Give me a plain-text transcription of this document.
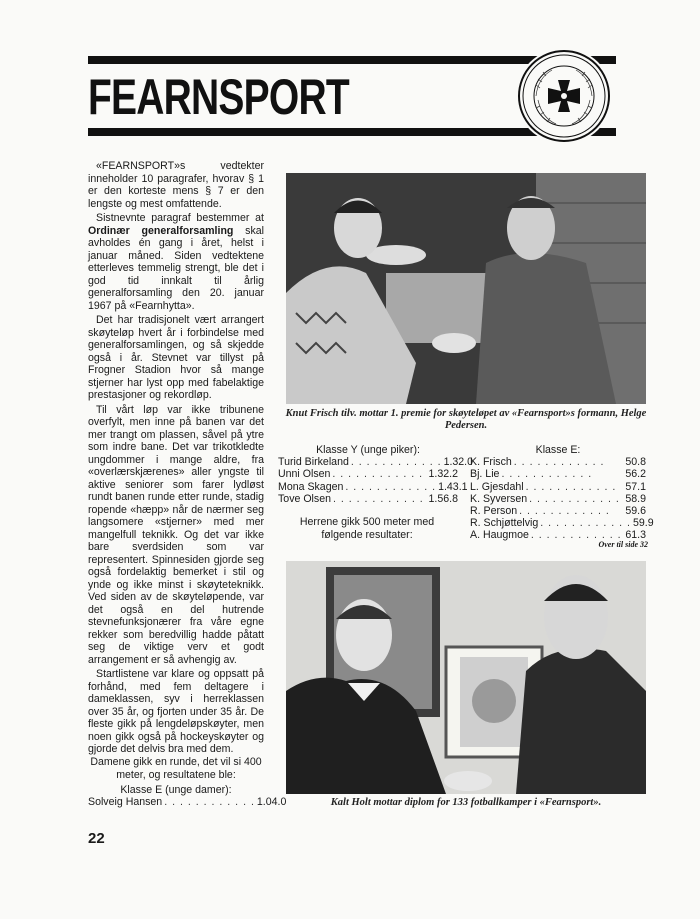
FEARNSPORT

«FEARNSPORT»s vedtekter inneholder 10 paragrafer, hvorav § 1 er den korteste mens § 7 er den lengste og mest omfattende.

Sistnevnte paragraf bestemmer at Ordinær generalforsamling skal avholdes én gang i året, helst i januar måned. Siden vedtektene etterleves temmelig strengt, ble det i god tid innkalt til årlig generalforsamling den 20. januar 1967 på «Fearnhytta».

Det har tradisjonelt vært arrangert skøyteløp hvert år i forbindelse med generalforsamlingen, og så skjedde også i år. Stevnet var tillyst på Frogner Stadion hvor så mange stjerner har lyst opp med fabelaktige prestasjoner og rekordløp.

Til vårt løp var ikke tribunene overfylt, men inne på banen var det mer trangt om plassen, såvel på ytre som indre bane. Det var trikotkledte ungdommer i mange aldre, fra «overlærskjærenes» aller yngste til aktive seniorer som farer lydløst rundt banen runde etter runde, stadig ropende «hæpp» når de nærmer seg langsomere «stjerner» med mer mangelfull teknikk. Og det var ikke bare sverdsiden som var representert. Spinnesiden gjorde seg også fordelaktig bemerket i stil og ynde og ikke minst i skøyteteknikk. Ved siden av de skøyteløpende, var det også en del hutrende stevnefunksjonærer fra våre egne rekker som beredvillig hadde påtatt seg de viktige verv et godt arrangement er så avhengig av.

Startlistene var klare og oppsatt på forhånd, med fem deltagere i dameklassen, syv i herreklassen over 35 år, og fjorten under 35 år. De fleste gikk på lengdeløpskøyter, men noen gikk også på hockeyskøyter og gjorde det delvis bra med dem.

Knut Frisch tilv. mottar 1. premie for skøyteløpet av «Fearnsport»s formann, Helge Pedersen.
Klasse Y (unge piker):
Turid Birkeland . . . . . . . . . . . . 1.32.0
Unni Olsen . . . . . . . . . . . . 1.32.2
Mona Skagen . . . . . . . . . . . . 1.43.1
Tove Olsen . . . . . . . . . . . . 1.56.8
Herrene gikk 500 meter med følgende resultater:
Klasse E:
K. Frisch . . . . . . . . . . . .	50.8
Bj. Lie . . . . . . . . . . . .	56.2
L. Gjesdahl . . . . . . . . . . . . 57.1
K. Syversen . . . . . . . . . . . . 58.9
R. Person . . . . . . . . . . . .	59.6
R. Schjøttelvig . . . . . . . . . . . . 59.9
A. Haugmoe . . . . . . . . . . . . 61.3
Over til side 32
Kalt Holt mottar diplom for 133 fotballkamper i «Fearnsport».
Damene gikk en runde, det vil si 400 meter, og resultatene ble:
Klasse E (unge damer):
Solveig Hansen . . . . . . . . . . . . 1.04.0
22
